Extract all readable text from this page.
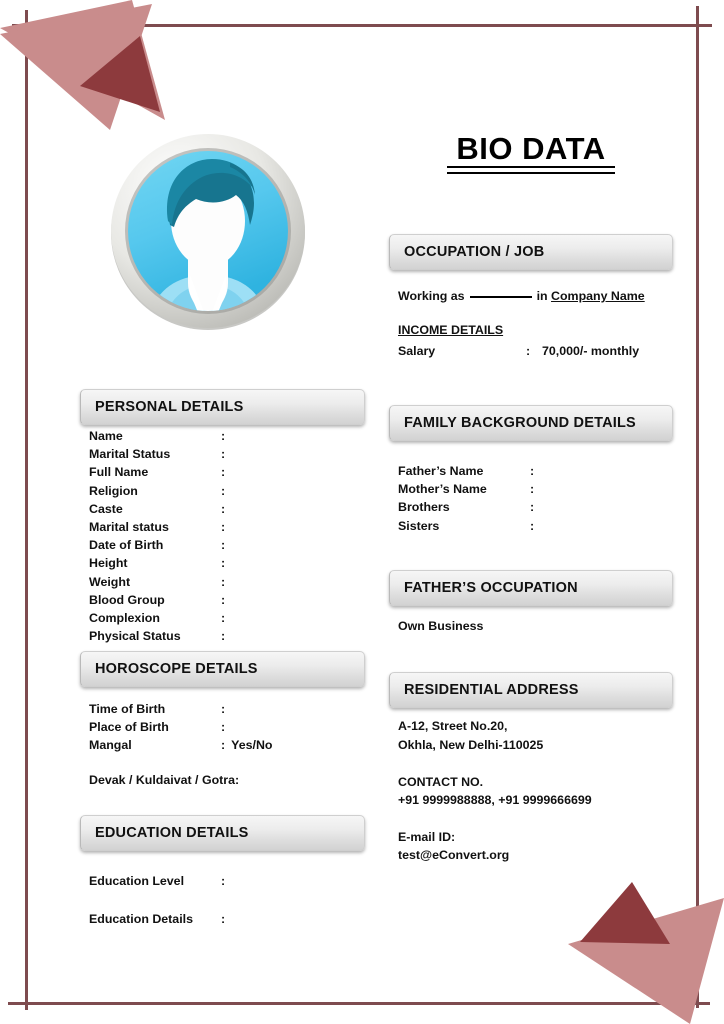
BIO DATA
OCCUPATION / JOB
Working as	in Company Name
INCOME DETAILS
Salary	: 70,000/- monthly
FAMILY BACKGROUND DETAILS
Father’s Name	:
Mother’s Name	:
Brothers	:
Sisters	:
FATHER’S OCCUPATION
Own Business
RESIDENTIAL ADDRESS
A-12, Street No.20,
Okhla, New Delhi-110025
CONTACT NO.
+91 9999988888, +91 9999666699
E-mail ID:
test@eConvert.org
PERSONAL DETAILS
Name	:
Marital Status	:
Full Name	:
Religion	:
Caste	:
Marital status	:
Date of Birth	:
Height	:
Weight	:
Blood Group	:
Complexion	:
Physical Status	:
HOROSCOPE DETAILS
Time of Birth	:
Place of Birth	:
Mangal	: Yes/No
Devak / Kuldaivat / Gotra:
EDUCATION DETAILS
Education Level	:
Education Details	:
